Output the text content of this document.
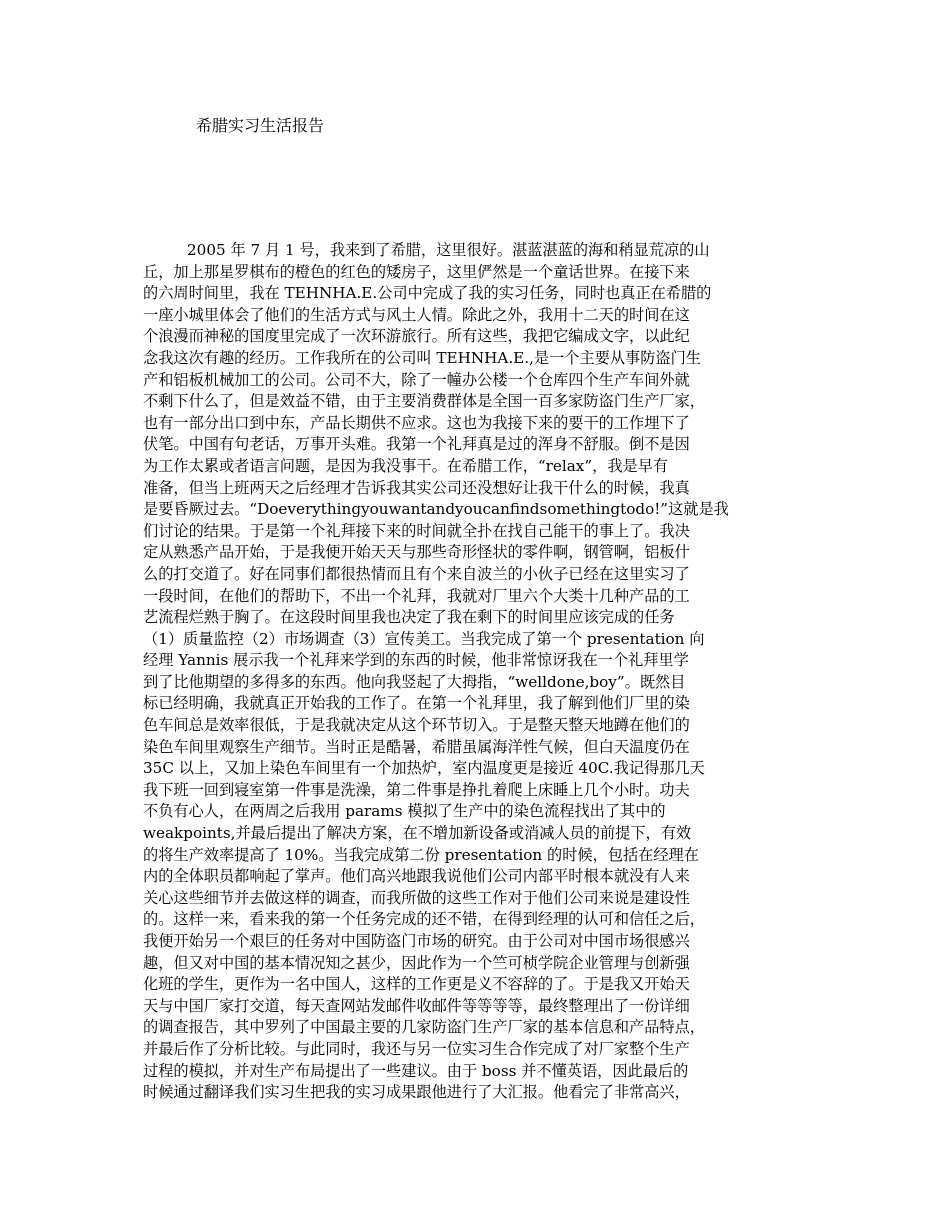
希腊实习生活报告
2005 年 7 月 1 号，我来到了希腊，这里很好。湛蓝湛蓝的海和稍显荒凉的山
丘，加上那星罗棋布的橙色的红色的矮房子，这里俨然是一个童话世界。在接下来
的六周时间里，我在 TEHNHA.E.公司中完成了我的实习任务，同时也真正在希腊的
一座小城里体会了他们的生活方式与风土人情。除此之外，我用十二天的时间在这
个浪漫而神秘的国度里完成了一次环游旅行。所有这些，我把它编成文字，以此纪
念我这次有趣的经历。工作我所在的公司叫 TEHNHA.E.,是一个主要从事防盗门生
产和铝板机械加工的公司。公司不大，除了一幢办公楼一个仓库四个生产车间外就
不剩下什么了，但是效益不错，由于主要消费群体是全国一百多家防盗门生产厂家，
也有一部分出口到中东，产品长期供不应求。这也为我接下来的要干的工作埋下了
伏笔。中国有句老话，万事开头难。我第一个礼拜真是过的浑身不舒服。倒不是因
为工作太累或者语言问题，是因为我没事干。在希腊工作，“relax”，我是早有
准备，但当上班两天之后经理才告诉我其实公司还没想好让我干什么的时候，我真
是要昏厥过去。“Doeverythingyouwantandyoucanfindsomethingtodo!”这就是我
们讨论的结果。于是第一个礼拜接下来的时间就全扑在找自己能干的事上了。我决
定从熟悉产品开始，于是我便开始天天与那些奇形怪状的零件啊，钢管啊，铝板什
么的打交道了。好在同事们都很热情而且有个来自波兰的小伙子已经在这里实习了
一段时间，在他们的帮助下，不出一个礼拜，我就对厂里六个大类十几种产品的工
艺流程烂熟于胸了。在这段时间里我也决定了我在剩下的时间里应该完成的任务
（1）质量监控（2）市场调查（3）宣传美工。当我完成了第一个 presentation 向
经理 Yannis 展示我一个礼拜来学到的东西的时候，他非常惊讶我在一个礼拜里学
到了比他期望的多得多的东西。他向我竖起了大拇指，“welldone,boy”。既然目
标已经明确，我就真正开始我的工作了。在第一个礼拜里，我了解到他们厂里的染
色车间总是效率很低，于是我就决定从这个环节切入。于是整天整天地蹲在他们的
染色车间里观察生产细节。当时正是酷暑，希腊虽属海洋性气候，但白天温度仍在
35C 以上，又加上染色车间里有一个加热炉，室内温度更是接近 40C.我记得那几天
我下班一回到寝室第一件事是洗澡，第二件事是挣扎着爬上床睡上几个小时。功夫
不负有心人，在两周之后我用 params 模拟了生产中的染色流程找出了其中的
weakpoints,并最后提出了解决方案，在不增加新设备或消减人员的前提下，有效
的将生产效率提高了 10%。当我完成第二份 presentation 的时候，包括在经理在
内的全体职员都响起了掌声。他们高兴地跟我说他们公司内部平时根本就没有人来
关心这些细节并去做这样的调查，而我所做的这些工作对于他们公司来说是建设性
的。这样一来，看来我的第一个任务完成的还不错，在得到经理的认可和信任之后，
我便开始另一个艰巨的任务对中国防盗门市场的研究。由于公司对中国市场很感兴
趣，但又对中国的基本情况知之甚少，因此作为一个竺可桢学院企业管理与创新强
化班的学生，更作为一名中国人，这样的工作更是义不容辞的了。于是我又开始天
天与中国厂家打交道，每天查网站发邮件收邮件等等等等，最终整理出了一份详细
的调查报告，其中罗列了中国最主要的几家防盗门生产厂家的基本信息和产品特点，
并最后作了分析比较。与此同时，我还与另一位实习生合作完成了对厂家整个生产
过程的模拟，并对生产布局提出了一些建议。由于 boss 并不懂英语，因此最后的
时候通过翻译我们实习生把我的实习成果跟他进行了大汇报。他看完了非常高兴，
